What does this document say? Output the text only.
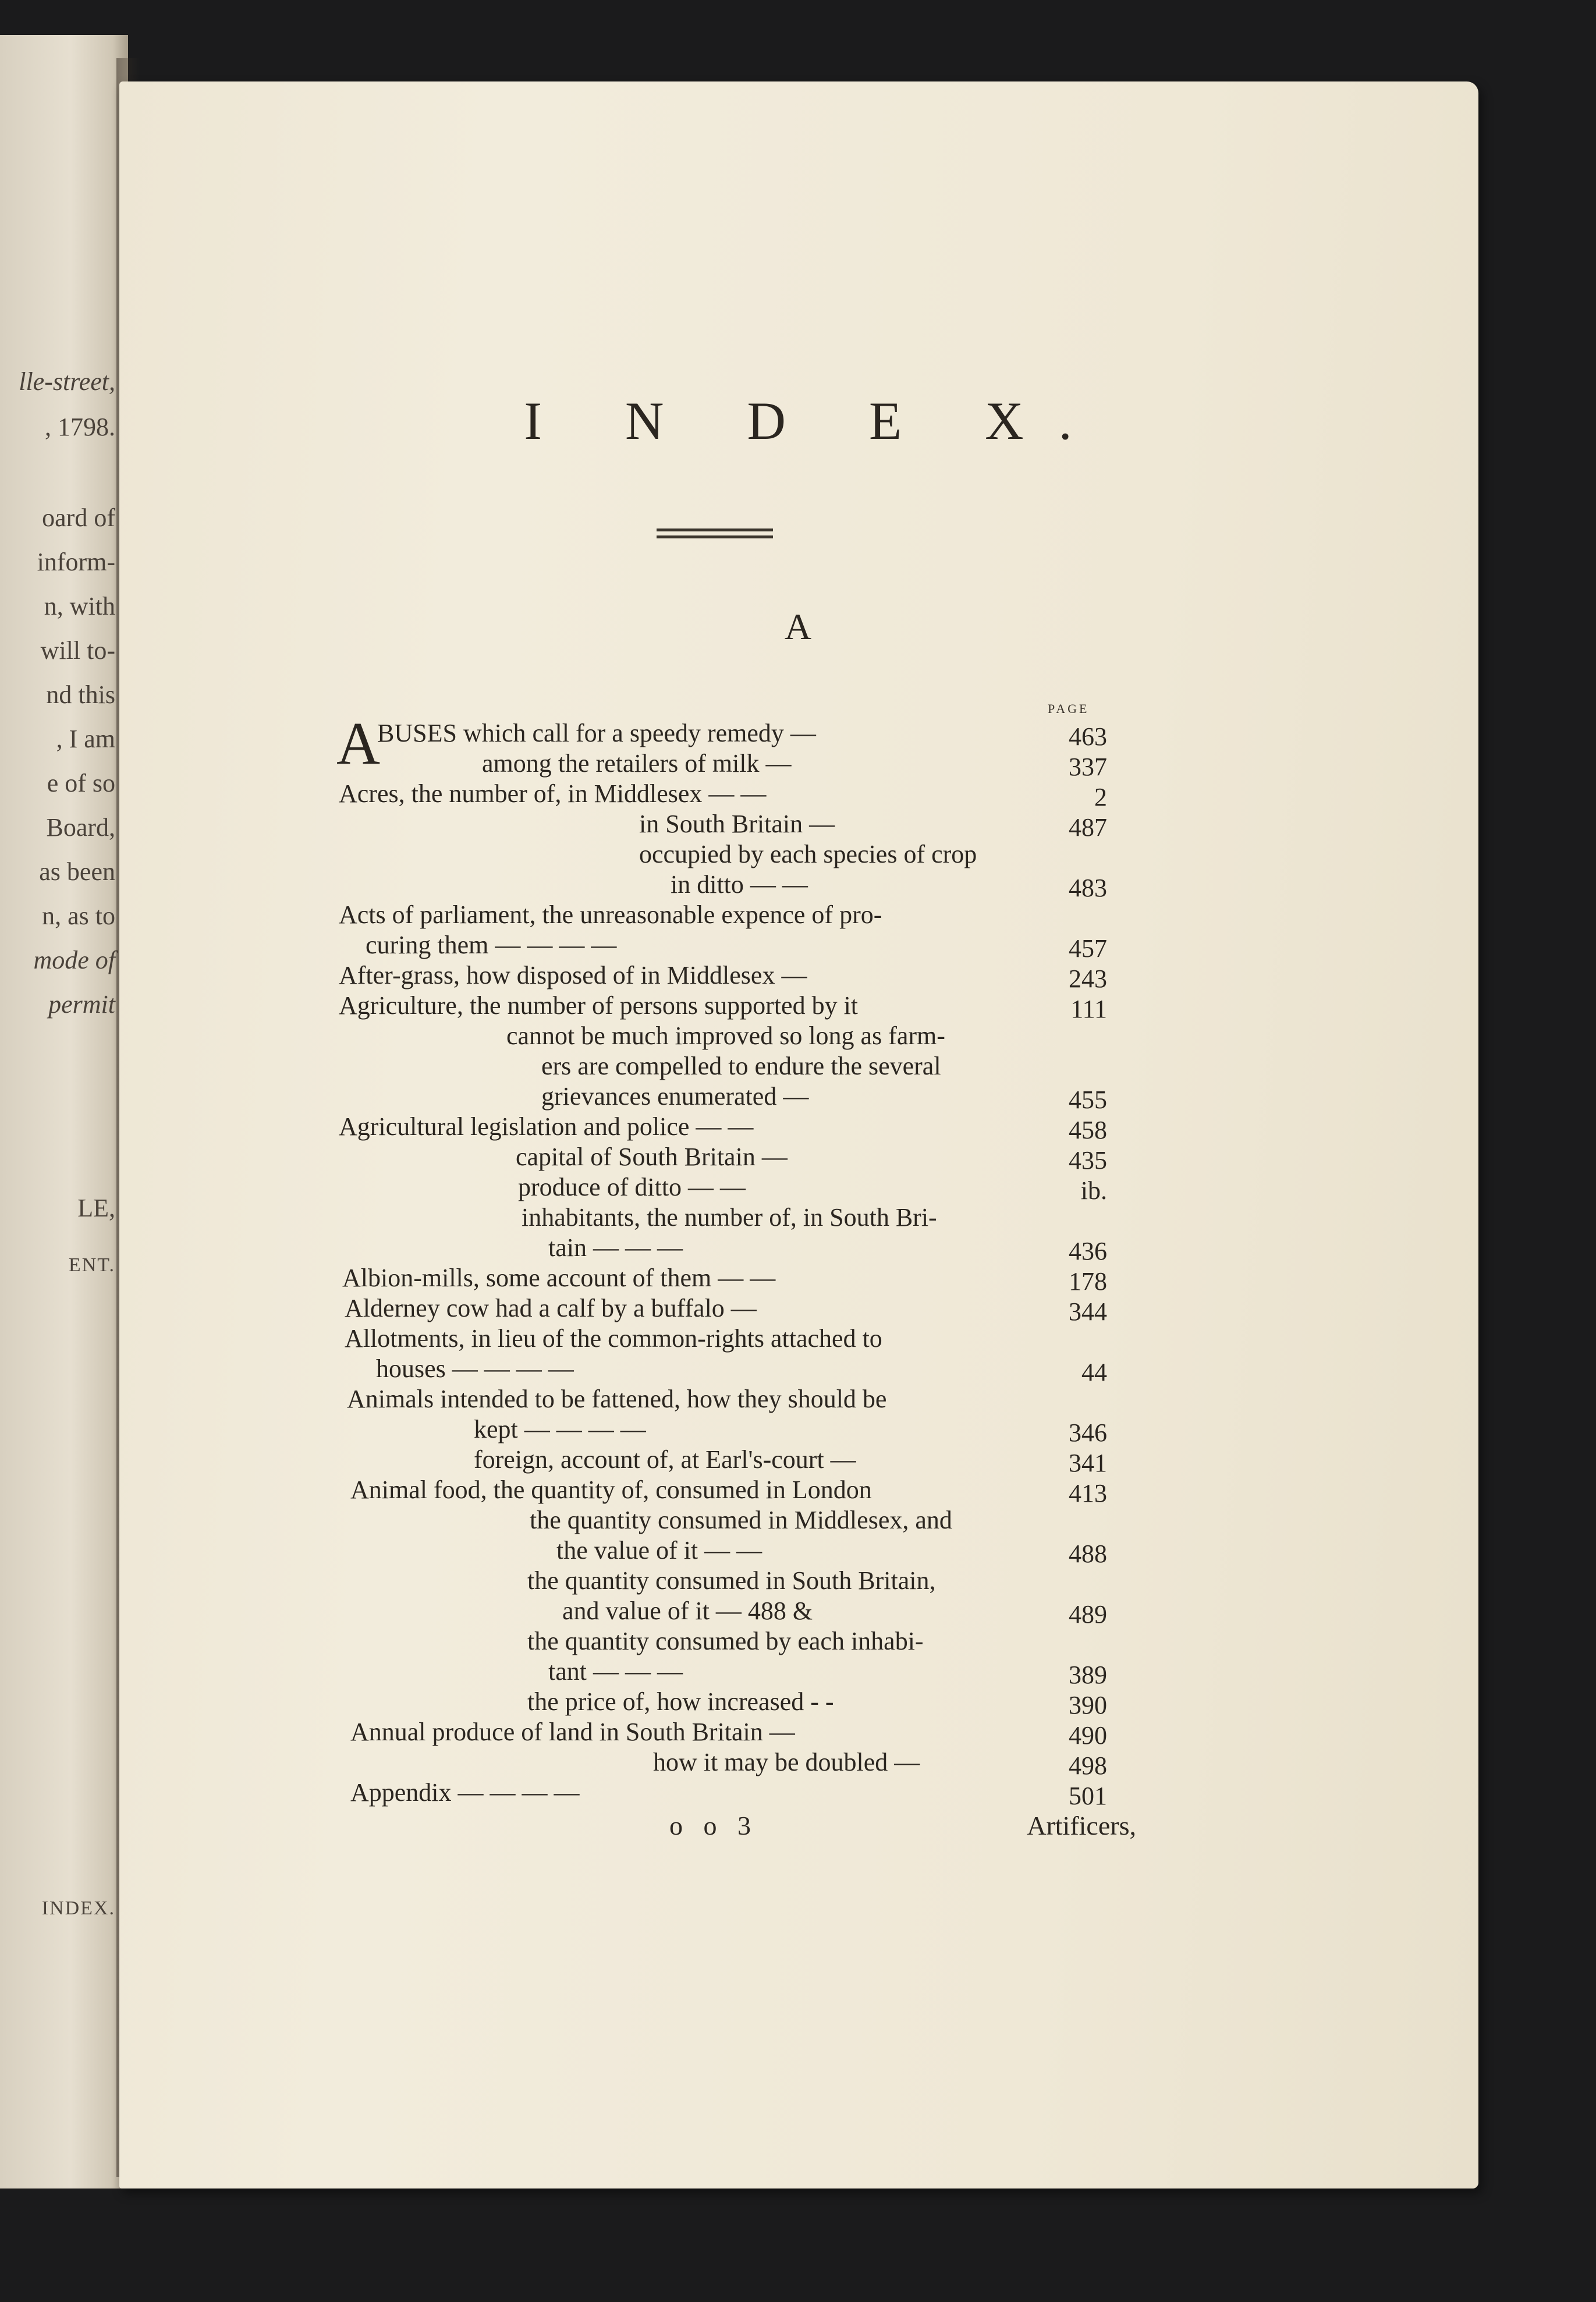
lle-street,
, 1798.
oard of
inform-
n, with
will to-
nd this
, I am
e of so
Board,
as been
n, as to
mode of
permit
LE,
ENT.
INDEX.
I N D E X.
A
PAGE
A
BUSES which call for a speedy remedy —	463
among the retailers of milk —	337
Acres, the number of, in Middlesex — —	2
in South Britain —	487
occupied by each species of crop
in ditto — —	483
Acts of parliament, the unreasonable expence of pro-
curing them — — — —	457
After-grass, how disposed of in Middlesex —	243
Agriculture, the number of persons supported by it	111
cannot be much improved so long as farm-
ers are compelled to endure the several
grievances enumerated —	455
Agricultural legislation and police — —	458
capital of South Britain —	435
produce of ditto — —	ib.
inhabitants, the number of, in South Bri-
tain — — —	436
Albion-mills, some account of them — —	178
Alderney cow had a calf by a buffalo —	344
Allotments, in lieu of the common-rights attached to
houses — — — —	44
Animals intended to be fattened, how they should be
kept — — — —	346
foreign, account of, at Earl's-court —	341
Animal food, the quantity of, consumed in London	413
the quantity consumed in Middlesex, and
the value of it — —	488
the quantity consumed in South Britain,
and value of it — 488 &	489
the quantity consumed by each inhabi-
tant — — —	389
the price of, how increased - -	390
Annual produce of land in South Britain —	490
how it may be doubled —	498
Appendix — — — —	501
o o 3	Artificers,
